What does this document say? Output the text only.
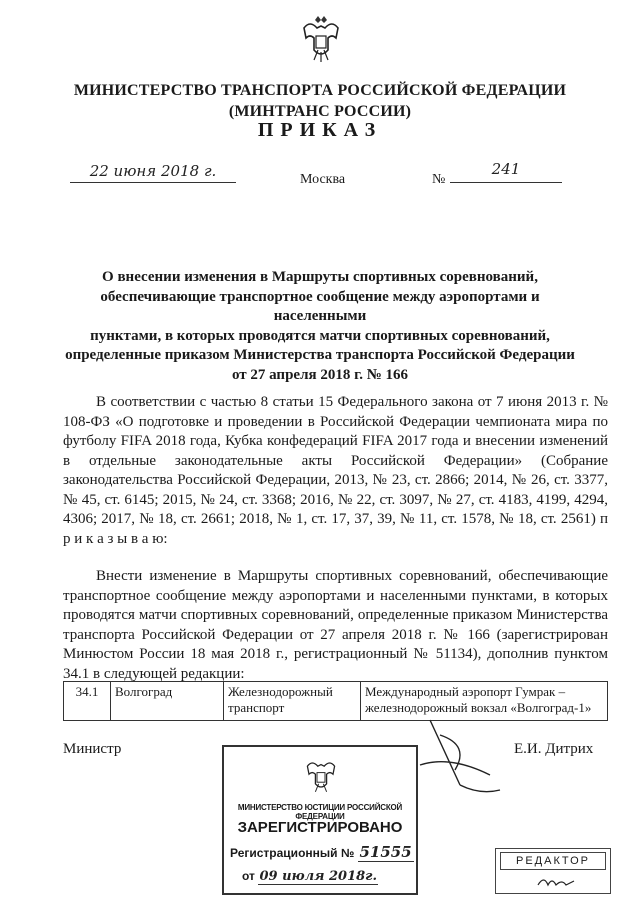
МИНИСТЕРСТВО ТРАНСПОРТА РОССИЙСКОЙ ФЕДЕРАЦИИ
(МИНТРАНС РОССИИ)
ПРИКАЗ
22 июня 2018 г.	Москва	№
241
О внесении изменения в Маршруты спортивных соревнований,
обеспечивающие транспортное сообщение между аэропортами и населенными
пунктами, в которых проводятся матчи спортивных соревнований,
определенные приказом Министерства транспорта Российской Федерации
от 27 апреля 2018 г. № 166
В соответствии с частью 8 статьи 15 Федерального закона от 7 июня 2013 г. № 108-ФЗ «О подготовке и проведении в Российской Федерации чемпионата мира по футболу FIFA 2018 года, Кубка конфедераций FIFA 2017 года и внесении изменений в отдельные законодательные акты Российской Федерации» (Собрание законодательства Российской Федерации, 2013, № 23, ст. 2866; 2014, № 26, ст. 3377, № 45, ст. 6145; 2015, № 24, ст. 3368; 2016, № 22, ст. 3097, № 27, ст. 4183, 4199, 4294, 4306; 2017, № 18, ст. 2661; 2018, № 1, ст. 17, 37, 39, № 11, ст. 1578, № 18, ст. 2561) п р и к а з ы в а ю:
Внести изменение в Маршруты спортивных соревнований, обеспечивающие транспортное сообщение между аэропортами и населенными пунктами, в которых проводятся матчи спортивных соревнований, определенные приказом Министерства транспорта Российской Федерации от 27 апреля 2018 г. № 166 (зарегистрирован Минюстом России 18 мая 2018 г., регистрационный № 51134), дополнив пунктом 34.1 в следующей редакции:
34.1	Волгоград	Железнодорожный транспорт	Международный аэропорт Гумрак – железнодорожный вокзал «Волгоград-1»
Министр	Е.И. Дитрих
МИНИСТЕРСТВО ЮСТИЦИИ РОССИЙСКОЙ ФЕДЕРАЦИИ
ЗАРЕГИСТРИРОВАНО
Регистрационный № 51555
от 09 июля 2018г.
РЕДАКТОР
